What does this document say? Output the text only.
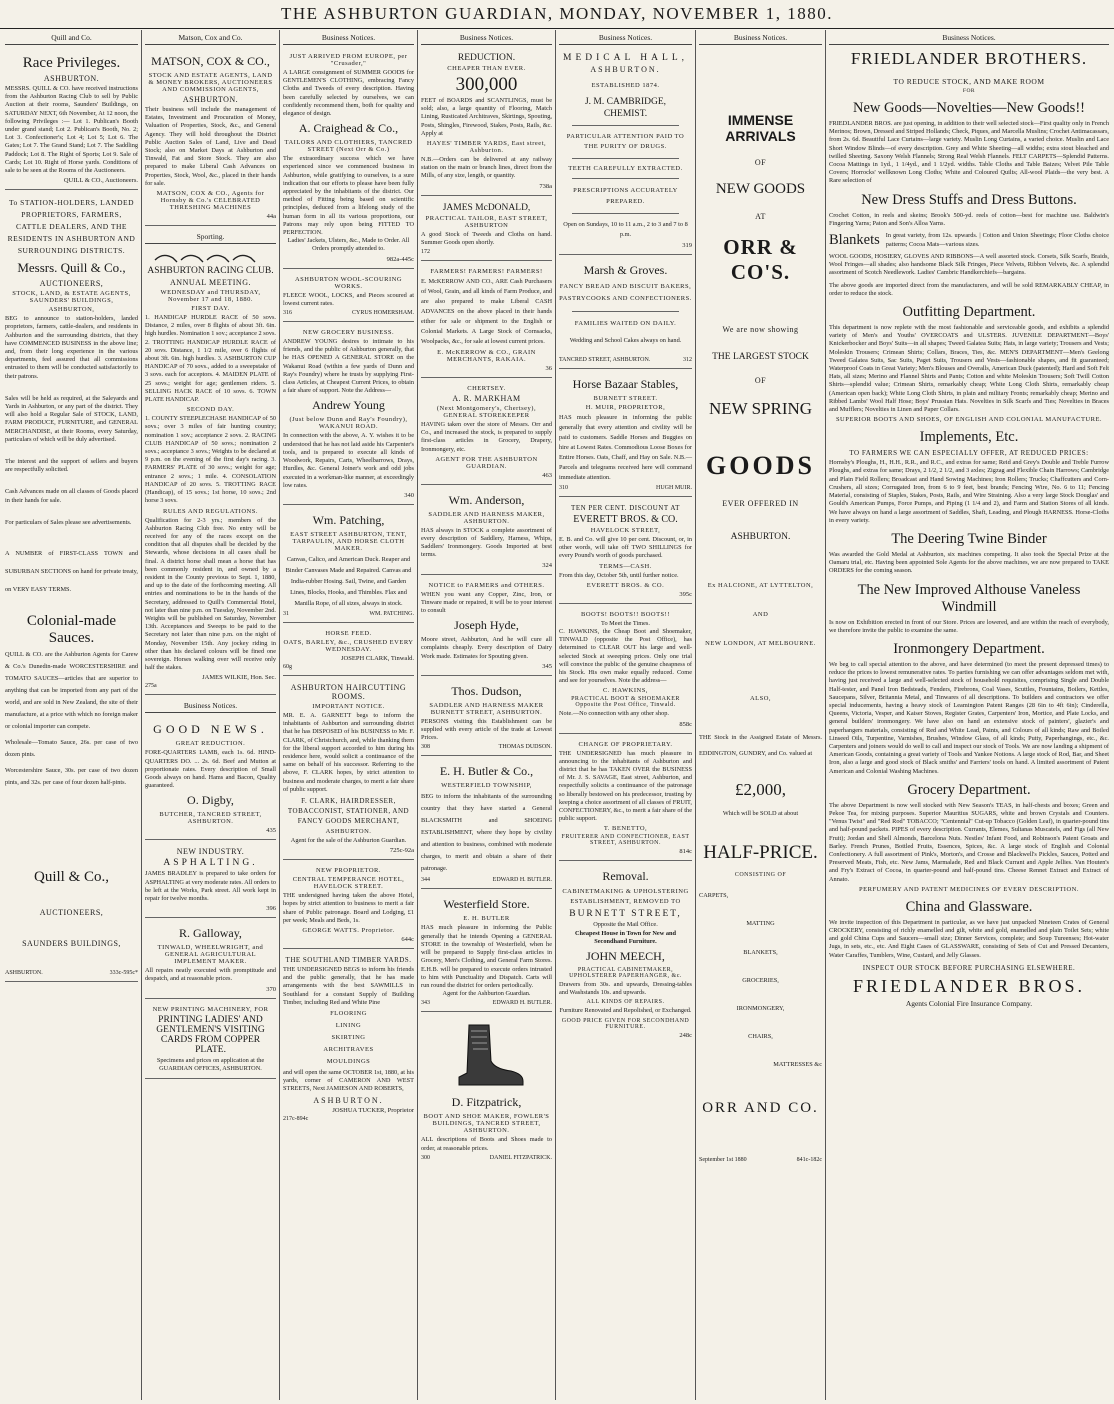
THE ASHBURTON GUARDIAN, MONDAY, NOVEMBER 1, 1880.
Quill and Co.
Race Privileges.
ASHBURTON.
MESSRS. QUILL & CO. have received instructions from the Ashburton Racing Club to sell by Public Auction at their rooms, Saunders' Buildings, on SATURDAY NEXT, 6th November, At 12 noon, the following Privileges :— Lot 1. Publican's Booth under grand stand; Lot 2. Publican's Booth, No. 2; Lot 3. Confectioner's; Lot 4; Lot 5; Lot 6. The Gates; Lot 7. The Grand Stand; Lot 7. The Saddling Paddock; Lot 8. The Right of Sports; Lot 9. Sale of Cards; Lot 10. Right of Horse yards. Conditions of sale to be seen at the Rooms of the Auctioneers.
QUILL & CO., Auctioneers.
To STATION-HOLDERS, LANDED PROPRIETORS, FARMERS, CATTLE DEALERS, AND THE RESIDENTS IN ASHBURTON AND SURROUNDING DISTRICTS.
Messrs. Quill & Co.,
AUCTIONEERS,
STOCK, LAND, & ESTATE AGENTS, SAUNDERS' BUILDINGS,
ASHBURTON,
BEG to announce to station-holders, landed proprietors, farmers, cattle-dealers, and residents in Ashburton and the surrounding districts, that they have COMMENCED BUSINESS in the above line; and, from their long experience in the various departments, feel assured that all commissions entrusted to them will be conducted satisfactorily to their patrons.
Sales will be held as required, at the Saleyards and Yards in Ashburton, or any part of the district. They will also hold a Regular Sale of STOCK, LAND, FARM PRODUCE, FURNITURE, and GENERAL MERCHANDISE, at their Rooms, every Saturday, particulars of which will be duly advertised.
The interest and the support of sellers and buyers are respectfully solicited.
Cash Advances made on all classes of Goods placed in their hands for sale.
For particulars of Sales please see advertisements.
A NUMBER of FIRST-CLASS TOWN and SUBURBAN SECTIONS on hand for private treaty, on VERY EASY TERMS.
Colonial-made Sauces.
QUILL & CO. are the Ashburton Agents for Carew & Co.'s Dunedin-made WORCESTERSHIRE and TOMATO SAUCES—articles that are superior to anything that can be imported from any part of the world, and are sold in New Zealand, the site of their manufacture, at a price with which no foreign maker or colonial importer can compete.
Wholesale—Tomato Sauce, 26s. per case of two dozen pints.
Worcestershire Sauce, 30s. per case of two dozen pints, and 32s. per case of four dozen half-pints.
Quill & Co.,
AUCTIONEERS,
SAUNDERS BUILDINGS,
ASHBURTON.	333c-595c*
Matson, Cox and Co.
MATSON, COX & CO.,
STOCK AND ESTATE AGENTS, LAND & MONEY BROKERS, AUCTIONEERS AND COMMISSION AGENTS,
ASHBURTON.
Their business will include the management of Estates, Investment and Procuration of Money, Valuation of Properties, Stock, &c., and General Agency. They will hold throughout the District Public Auction Sales of Land, Live and Dead Stock; also on Market Days at Ashburton and Tinwald, Fat and Store Stock. They are also prepared to make Liberal Cash Advances on Properties, Stock, Wool, &c., placed in their hands for sale.
MATSON, COX & CO., Agents for Hornsby & Co.'s CELEBRATED THRESHING MACHINES
44a
Sporting.
ASHBURTON RACING CLUB.
ANNUAL MEETING.
WEDNESDAY and THURSDAY, November 17 and 18, 1880.
FIRST DAY.
1. HANDICAP HURDLE RACE of 50 sovs. Distance, 2 miles, over 8 flights of about 3ft. 6in. high hurdles. Nomination 1 sov.; acceptance 2 sovs. 2. TROTTING HANDICAP HURDLE RACE of 20 sovs. Distance, 1 1/2 mile, over 6 flights of about 3ft. 6in. high hurdles. 3. ASHBURTON CUP HANDICAP of 70 sovs., added to a sweepstake of 3 sovs. each for acceptors. 4. MAIDEN PLATE of 25 sovs.; weight for age; gentlemen riders. 5. SELLING HACK RACE of 10 sovs. 6. TOWN PLATE HANDICAP.
SECOND DAY.
1. COUNTY STEEPLECHASE HANDICAP of 50 sovs.; over 3 miles of fair hunting country; nomination 1 sov.; acceptance 2 sovs. 2. RACING CLUB HANDICAP of 50 sovs.; nomination 2 sovs.; acceptance 3 sovs.; Weights to be declared at 9 p.m. on the evening of the first day's racing. 3. FARMERS' PLATE of 30 sovs.; weight for age; entrance 2 sovs.; 1 mile. 4. CONSOLATION HANDICAP of 20 sovs. 5. TROTTING RACE (Handicap), of 15 sovs.; 1st horse, 10 sovs.; 2nd horse 3 sovs.
RULES AND REGULATIONS.
Qualification for 2-3 yrs.; members of the Ashburton Racing Club free. No entry will be received for any of the races except on the condition that all disputes shall be decided by the Stewards, whose decisions in all cases shall be final. A district horse shall mean a horse that has been commonly resident in, and owned by a resident in the County previous to Sept. 1, 1880, and up to the date of the forthcoming meeting. All entries and nominations to be in the hands of the Secretary, addressed to Quill's Commercial Hotel, not later than nine p.m. on Tuesday, November 2nd. Weights will be published on Saturday, November 13th. Acceptances and Sweeps to be paid to the Secretary not later than nine p.m. on the night of Monday, November 15th. Any jockey riding in other than his declared colours will be fined one sovereign. Horses walking over will receive only half the stakes.
JAMES WILKIE, Hon. Sec.
275a
Business Notices.
GOOD NEWS.
GREAT REDUCTION.
FORE-QUARTERS LAMB, each 1s. 6d. HIND-QUARTERS DO. ... 2s. 6d. Beef and Mutton at proportionate rates. Every description of Small Goods always on hand. Hams and Bacon, Quality guaranteed.
O. Digby,
BUTCHER, TANCRED STREET, ASHBURTON.
435
NEW INDUSTRY.
ASPHALTING.
JAMES BRADLEY is prepared to take orders for ASPHALTING at very moderate rates. All orders to be left at the Works, Park street. All work kept in repair for twelve months.
396
R. Galloway,
TINWALD, WHEELWRIGHT, and GENERAL AGRICULTURAL IMPLEMENT MAKER.
All repairs neatly executed with promptitude and despatch, and at reasonable prices.
370
NEW PRINTING MACHINERY, FOR
PRINTING LADIES' AND GENTLEMEN'S VISITING CARDS FROM COPPER PLATE.
Specimens and prices on application at the GUARDIAN OFFICES, ASHBURTON.
Business Notices.
JUST ARRIVED FROM EUROPE, per "Crusader,"
A LARGE consignment of SUMMER GOODS for GENTLEMEN'S CLOTHING, embracing Fancy Cloths and Tweeds of every description. Having been carefully selected by ourselves, we can confidently recommend them, both for quality and elegance of design.
A. Craighead & Co.,
TAILORS AND CLOTHIERS, TANCRED STREET (Next Orr & Co.)
The extraordinary success which we have experienced since we commenced business in Ashburton, while gratifying to ourselves, is a sure indication that our efforts to please have been fully appreciated by the inhabitants of the district. Our method of Fitting being based on scientific principles, deduced from a lifelong study of the human form in all its various proportions, our Patrons may rely upon being FITTED TO PERFECTION.
Ladies' Jackets, Ulsters, &c., Made to Order. All Orders promptly attended to.
982a-445c
ASHBURTON WOOL-SCOURING WORKS.
FLEECE WOOL, LOCKS, and Pieces scoured at lowest current rates.
316	CYRUS HOMERSHAM.
NEW GROCERY BUSINESS.
ANDREW YOUNG desires to intimate to his friends, and the public of Ashburton generally, that he HAS OPENED A GENERAL STORE on the Wakanui Road (within a few yards of Dunn and Ray's Foundry) where he trusts by supplying First-class Articles, at Cheapest Current Prices, to obtain a fair share of support. Note the Address—
Andrew Young
(Just below Dunn and Ray's Foundry), WAKANUI ROAD.
In connection with the above, A. Y. wishes it to be understood that he has not laid aside his Carpenter's tools, and is prepared to execute all kinds of Woodwork, Repairs, Carts, Wheelbarrows, Drays, Hurdles, &c. General Joiner's work and odd jobs executed in a workman-like manner, at exceedingly low rates.
340
Wm. Patching,
EAST STREET ASHBURTON, TENT, TARPAULIN, AND HORSE CLOTH MAKER.
Canvas, Calico, and American Duck. Reaper and Binder Canvases Made and Repaired. Canvas and India-rubber Hosing. Sail, Twine, and Garden Lines, Blocks, Hooks, and Thimbles. Flax and Manilla Rope, of all sizes, always in stock.
31	WM. PATCHING.
HORSE FEED.
OATS, BARLEY, &c., CRUSHED EVERY WEDNESDAY.
JOSEPH CLARK, Tinwald.
60g
ASHBURTON HAIRCUTTING ROOMS.
IMPORTANT NOTICE.
MR. E. A. GARNETT begs to inform the inhabitants of Ashburton and surrounding district that he has DISPOSED of his BUSINESS to Mr. F. CLARK, of Christchurch, and, while thanking them for the liberal support accorded to him during his residence here, would solicit a continuance of the same on behalf of his successor. Referring to the above, F. CLARK hopes, by strict attention to business and moderate charges, to merit a fair share of public support.
F. CLARK, HAIRDRESSER, TOBACCONIST, STATIONER, AND FANCY GOODS MERCHANT,
ASHBURTON.
Agent for the sale of the Ashburton Guardian.
725c-92a
NEW PROPRIETOR.
CENTRAL TEMPERANCE HOTEL, HAVELOCK STREET.
THE undersigned having taken the above Hotel, hopes by strict attention to business to merit a fair share of Public patronage. Board and Lodging, £1 per week; Meals and Beds, 1s.
GEORGE WATTS. Proprietor.
644c
THE SOUTHLAND TIMBER YARDS.
THE UNDERSIGNED BEGS to inform his friends and the public generally, that he has made arrangements with the best SAWMILLS in Southland for a constant Supply of Building Timber, including Red and White Pine
FLOORING
LINING
SKIRTING
ARCHITRAVES
MOULDINGS
and will open the same OCTOBER 1st, 1880, at his yards, corner of CAMERON AND WEST STREETS, Next JAMIESON AND ROBERTS,
ASHBURTON.
JOSHUA TUCKER, Proprietor
217c-894c
Business Notices.
REDUCTION.
CHEAPER THAN EVER.
300,000
FEET of BOARDS and SCANTLINGS, must be sold; also, a large quantity of Flooring, Match Lining, Rusticated Architraves, Skirtings, Spouting, Posts, Shingles, Firewood, Stakes, Posts, Rails, &c. Apply at
HAYES' TIMBER YARDS, East street, Ashburton.
N.B.—Orders can be delivered at any railway station on the main or branch lines, direct from the Mills, of any size, length, or quantity.
738a
JAMES McDONALD,
PRACTICAL TAILOR, EAST STREET, ASHBURTON
A good Stock of Tweeds and Cloths on hand. Summer Goods open shortly.
172
FARMERS! FARMERS! FARMERS!
E. McKERROW AND CO., ARE Cash Purchasers of Wool, Grain, and all kinds of Farm Produce, and are also prepared to make Liberal CASH ADVANCES on the above placed in their hands either for sale or shipment to the English or Colonial Markets. A Large Stock of Cornsacks, Woolpacks, &c., for sale at lowest current prices.
E. McKERROW & CO., GRAIN MERCHANTS, RAKAIA.
36
CHERTSEY.
A. R. MARKHAM
(Next Montgomery's, Chertsey), GENERAL STOREKEEPER
HAVING taken over the store of Messrs. Orr and Co., and increased the stock, is prepared to supply first-class articles in Grocery, Drapery, Ironmongery, etc.
AGENT FOR THE ASHBURTON GUARDIAN.
463
Wm. Anderson,
SADDLER AND HARNESS MAKER, ASHBURTON.
HAS always in STOCK a complete assortment of every description of Saddlery, Harness, Whips, Saddlers' Ironmongery. Goods Imported at best terms.
324
NOTICE to FARMERS and OTHERS.
WHEN you want any Copper, Zinc, Iron, or Tinware made or repaired, it will be to your interest to consult
Joseph Hyde,
Moore street, Ashburton, And he will cure all complaints cheaply. Every description of Dairy Work made. Estimates for Spouting given.
345
Thos. Dudson,
SADDLER AND HARNESS MAKER BURNETT STREET, ASHBURTON.
PERSONS visiting this Establishment can be supplied with every article of the trade at Lowest Prices.
308	THOMAS DUDSON.
E. H. Butler & Co.,
WESTERFIELD TOWNSHIP,
BEG to inform the inhabitants of the surrounding country that they have started a General BLACKSMITH and SHOEING ESTABLISHMENT, where they hope by civility and attention to business, combined with moderate charges, to merit and obtain a share of their patronage.
344	EDWARD H. BUTLER.
Westerfield Store.
E. H. BUTLER
HAS much pleasure in informing the Public generally that he intends Opening a GENERAL STORE in the township of Westerfield, when he will be prepared to Supply first-class articles in Grocery, Men's Clothing, and General Farm Stores. E.H.B. will be prepared to execute orders intrusted to him with Punctuality and Dispatch. Carts will run round the district for orders periodically.
Agent for the Ashburton Guardian.
343	EDWARD H. BUTLER.
D. Fitzpatrick,
BOOT AND SHOE MAKER, FOWLER'S BUILDINGS, TANCRED STREET, ASHBURTON.
ALL descriptions of Boots and Shoes made to order, at reasonable prices.
300	DANIEL FITZPATRICK.
Business Notices.
MEDICAL HALL,
ASHBURTON.
ESTABLISHED 1874.
J. M. CAMBRIDGE,
CHEMIST.
PARTICULAR ATTENTION PAID TO THE PURITY OF DRUGS.
TEETH CAREFULLY EXTRACTED.
PRESCRIPTIONS ACCURATELY PREPARED.
Open on Sundays, 10 to 11 a.m., 2 to 3 and 7 to 8 p.m.
319
Marsh & Groves.
FANCY BREAD AND BISCUIT BAKERS, PASTRYCOOKS AND CONFECTIONERS.
FAMILIES WAITED ON DAILY.
Wedding and School Cakes always on hand.
TANCRED STREET, ASHBURTON.	312
Horse Bazaar Stables,
BURNETT STREET.
H. MUIR, PROPRIETOR,
HAS much pleasure in informing the public generally that every attention and civility will be paid to customers. Saddle Horses and Buggies on hire at Lowest Rates. Commodious Loose Boxes for Entire Horses. Oats, Chaff, and Hay on Sale. N.B.—Parcels and telegrams received here will command immediate attention.
310	HUGH MUIR.
TEN PER CENT. DISCOUNT AT
EVERETT BROS. & CO.
HAVELOCK STREET,
E. B. and Co. will give 10 per cent. Discount, or, in other words, will take off TWO SHILLINGS for every Pound's worth of goods purchased.
TERMS—CASH.
From this day, October 5th, until further notice.
EVERETT BROS. & CO.
395c
BOOTS! BOOTS!! BOOTS!!
To Meet the Times.
C. HAWKINS, the Cheap Boot and Shoemaker, TINWALD (opposite the Post Office), has determined to CLEAR OUT his large and well-selected Stock at sweeping prices. Only one trial will convince the public of the genuine cheapness of his Stock. His own make equally reduced. Come and see for yourselves. Note the address—
C. HAWKINS,
PRACTICAL BOOT & SHOEMAKER Opposite the Post Office, Tinwald.
Note.—No connection with any other shop.
858c
CHANGE OF PROPRIETARY.
THE UNDERSIGNED has much pleasure in announcing to the inhabitants of Ashburton and district that he has TAKEN OVER the BUSINESS of Mr. J. S. SAVAGE, East street, Ashburton, and respectfully solicits a continuance of the patronage so liberally bestowed on his predecessor, trusting by keeping a choice assortment of all classes of FRUIT, CONFECTIONERY, &c., to merit a fair share of the public support.
T. BENETTO,
FRUITERER AND CONFECTIONER, EAST STREET, ASHBURTON.
814c
Removal.
CABINETMAKING & UPHOLSTERING ESTABLISHMENT, REMOVED TO
BURNETT STREET,
Opposite the Mail Office.
Cheapest House in Town for New and Secondhand Furniture.
JOHN MEECH,
PRACTICAL CABINETMAKER, UPHOLSTERER PAPERHANGER, &c.
Drawers from 30s. and upwards, Dressing-tables and Washstands 10s. and upwards.
ALL KINDS OF REPAIRS.
Furniture Renovated and Repolished, or Exchanged.
GOOD PRICE GIVEN FOR SECONDHAND FURNITURE.
248c
Business Notices.
IMMENSE ARRIVALS
OF
NEW GOODS
AT
ORR & CO'S.
We are now showing
THE LARGEST STOCK
OF
NEW SPRING
GOODS
EVER OFFERED IN
ASHBURTON.
Ex HALCIONE, AT LYTTELTON,
AND
NEW LONDON, AT MELBOURNE.
ALSO,
THE Stock in the Assigned Estate of Messrs. EDDINGTON, GUNDRY, and Co. valued at
£2,000,
Which will be SOLD at about
HALF-PRICE.
CONSISTING OF
CARPETS,
MATTING
BLANKETS,
GROCERIES,
IRONMONGERY,
CHAIRS,
MATTRESSES &c
ORR AND CO.
September 1st 1880	841c-182c
Business Notices.
FRIEDLANDER BROTHERS.
TO REDUCE STOCK, AND MAKE ROOM
FOR
New Goods—Novelties—New Goods!!
FRIEDLANDER BROS. are just opening, in addition to their well selected stock—First quality only in French Merinos; Brown, Dressed and Striped Hollands; Check, Piques, and Marcella Muslins; Crochet Antimacassars, from 2s. 6d. Beautiful Lace Curtains—large variety. Muslin Long Curtains, a varied choice. Muslin and Lace Short Window Blinds—of every description. Grey and White Sheeting—all widths; extra stout bleached and twilled Sheeting. Saxony Welsh Flannels; Strong Real Welsh Flannels. FELT CARPETS—Splendid Patterns. Cocoa Mattings in 1yd., 1 1/4yd., and 1 1/2yd. widths. Table Cloths and Table Baizes; Velvet Pile Table Covers; Horrocks' wellknown Long Cloths; White and Coloured Quilts; All-wool Plaids—the very best. A Rare selection of
New Dress Stuffs and Dress Buttons.
Crochet Cotton, in reels and skeins; Brook's 500-yd. reels of cotton—best for machine use. Baldwin's Fingering Yarns; Paton and Son's Alloa Yarns.
Blankets In great variety, from 12s. upwards. | Cotton and Union Sheetings; Floor Cloths choice patterns; Cocoa Mats—various sizes.
WOOL GOODS, HOSIERY, GLOVES AND RIBBONS—A well assorted stock. Corsets, Silk Scarfs, Braids, Wool Fringes—all shades; also handsome Black Silk Fringes, Piece Velvets, Ribbon Velvets, &c. A splendid assortment of Scotch Needlework. Ladies' Cambric Handkerchiefs—bargains.
The above goods are imported direct from the manufacturers, and will be sold REMARKABLY CHEAP, in order to reduce the stock.
Outfitting Department.
This department is now replete with the most fashionable and serviceable goods, and exhibits a splendid variety of Men's and Youths' OVERCOATS and ULSTERS. JUVENILE DEPARTMENT—Boys' Knickerbocker and Boys' Suits—in all shapes; Tweed Galatea Suits; Hats, in large variety; Trousers and Vests; Moleskin Trousers; Crimean Shirts; Collars, Braces, Ties, &c. MEN'S DEPARTMENT—Men's Geelong Tweed Galatea Suits, Sac Suits, Paget Suits, Trousers and Vests—fashionable shapes, and fit guaranteed; Waterproof Coats in Great Variety; Men's Blouses and Overalls, American Duck (patented); Hard and Soft Felt Hats, all sizes; Merino and Flannel Shirts and Pants; Cotton and white Moleskin Trousers; Soft Twill Cotton Shirts—splendid value; Crimean Shirts, remarkably cheap; White Long Cloth Shirts, remarkably cheap (American open back); White Long Cloth Shirts, in plain and military Fronts; remarkably cheap; Merino and Ribbed Lambs' Wool Half Hose; Boys' Prussian Hats. Novelties in Silk Scarfs and Ties; Novelties in Braces and Mufflers; Novelties in Linen and Paper Collars.
SUPERIOR BOOTS AND SHOES, OF ENGLISH AND COLONIAL MANUFACTURE.
Implements, Etc.
TO FARMERS WE CAN ESPECIALLY OFFER, AT REDUCED PRICES:
Hornsby's Ploughs, H., H.H., R.R., and R.C., and extras for same; Reid and Grey's Double and Treble Furrow Ploughs, and extras for same; Drays, 2 1/2, 2 1/2, and 3 axles; Zigzag and Flexible Chain Harrows; Cambridge and Plain Field Rollers; Broadcast and Hand Sowing Machines; Iron Rollers; Trucks; Chaffcutters and Corn-Crushers, all sizes; Corrugated Iron, from 6 to 9 feet, best brands; Fencing Wire, No. 6 to 11; Fencing Material, consisting of Staples, Stakes, Posts, Rails, and Wire Straining. Also a very large Stock Douglas' and Gould's American Pumps, Force Pumps, and Piping (1 1/4 and 2), and Farm and Station Stores of all kinds. We have always on hand a large assortment of Saddles, Shaft, Leading, and Plough HARNESS. Horse-Cloths in every variety.
The Deering Twine Binder
Was awarded the Gold Medal at Ashburton, six machines competing. It also took the Special Prize at the Oamaru trial, etc. Having been appointed Sole Agents for the above machines, we are now prepared to TAKE ORDERS for the coming season.
The New Improved Althouse Vaneless Windmill
Is now on Exhibition erected in front of our Store. Prices are lowered, and are within the reach of everybody, we therefore invite the public to examine the same.
Ironmongery Department.
We beg to call special attention to the above, and have determined (to meet the present depressed times) to reduce the prices to lowest remunerative rates. To parties furnishing we can offer advantages seldom met with, having just received a large and well-selected stock of household requisites, comprising Single and Double Half-tester, and Panel Iron Bedsteads, Fenders, Firebrons, Coal Vases, Scuttles, Fountains, Boilers, Kettles, Saucepans, Silver, Britannia Metal, and Tinwares of all descriptions. To builders and contractors we offer special inducements, having a heavy stock of Leamington Patent Ranges (28 6in to 4ft 6in); Cinderella, Queens, Victoria, Vesper, and Kaiser Stoves, Register Grates, Carpenters' Iron, Mortice, and Plate Locks, and general builders' ironmongery. We have also on hand an extensive stock of painters', glazier's and paperhangers materials, consisting of Red and White Lead, Paints, and Colours of all kinds; Raw and Boiled Linseed Oils, Turpentine, Varnishes, Brushes, Window Glass, of all kinds; Putty, Paperhangings, etc., &c. Carpenters and joiners would do well to call and inspect our stock of Tools. We are now landing a shipment of American Goods, containing a great variety of Tools and Yankee Notions. A large stock of Rod, Bar, and Sheet Iron, also a large and good stock of Black smiths' and Farriers' tools on hand. A limited assortment of Patent American and Colonial Washing Machines.
Grocery Department.
The above Department is now well stocked with New Season's TEAS, in half-chests and boxes; Green and Pekoe Tea, for mixing purposes. Superior Mauritius SUGARS, white and brown Crystals and Counters. "Venus Twist" and "Red Rod" TOBACCO; "Centennial" Cut-up Tobacco (Golden Leaf), in quarter-pound tins and half-pound packets. PIPES of every description. Currants, Elemes, Sultanas Muscatels, and Figs (all New Fruit); Jordan and Shell Almonds, Barcelona Nuts. Nestles' Infant Food, and Robinson's Patent Groats and Barley. French Prunes, Bottled Fruits, Essences, Spices, &c. A large stock of English and Colonial Confectionery. A full assortment of Pink's, Morton's, and Crosse and Blackwell's Pickles, Sauces, Potted and Preserved Meats, Fish, etc. New Jams, Marmalade, Red and Black Currant and Apple Jellies. Van Houten's and Fry's Extract of Cocoa, in quarter-pound and half-pound tins. Cheese Rennet Extract and Extract of Annato.
PERFUMERY AND PATENT MEDICINES OF EVERY DESCRIPTION.
China and Glassware.
We invite inspection of this Department in particular, as we have just unpacked Nineteen Crates of General CROCKERY, consisting of richly enamelled and gilt, white and gold, enamelled and plain Toilet Sets; white and gold China Cups and Saucers—small size; Dinner Services, complete; and Soup Tureenses; Hot-water Jugs, in sets, etc., etc. And Eight Cases of GLASSWARE, consisting of Sets of Cut and Pressed Decanters, Water Caraffes, Tumblers, Wine, Custard, and Jelly Glasses.
INSPECT OUR STOCK BEFORE PURCHASING ELSEWHERE.
FRIEDLANDER BROS.
Agents Colonial Fire Insurance Company.
